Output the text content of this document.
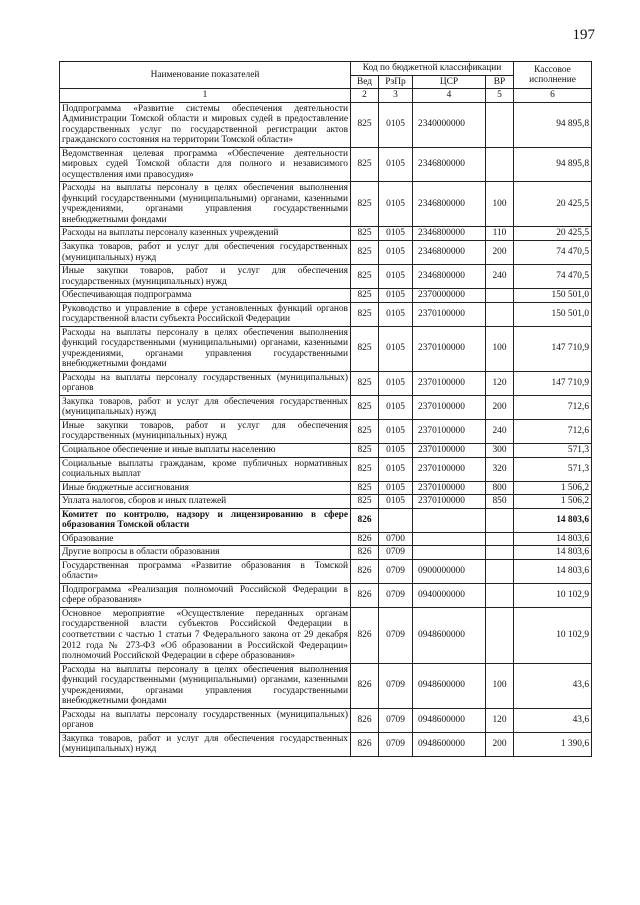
197
Наименование показателей	Код по бюджетной классификации				Кассовое исполнение
	Вед	РзПр	ЦСР	ВР	
1	2	3	4	5	6
Подпрограмма «Развитие системы обеспечения деятельности Администрации Томской области и мировых судей в предоставление государственных услуг по государственной регистрации актов гражданского состояния на территории Томской области»	825	0105	2340000000		94 895,8
Ведомственная целевая программа «Обеспечение деятельности мировых судей Томской области для полного и независимого осуществления ими правосудия»	825	0105	2346800000		94 895,8
Расходы на выплаты персоналу в целях обеспечения выполнения функций государственными (муниципальными) органами, казенными учреждениями, органами управления государственными внебюджетными фондами	825	0105	2346800000	100	20 425,5
Расходы на выплаты персоналу казенных учреждений	825	0105	2346800000	110	20 425,5
Закупка товаров, работ и услуг для обеспечения государственных (муниципальных) нужд	825	0105	2346800000	200	74 470,5
Иные закупки товаров, работ и услуг для обеспечения государственных (муниципальных) нужд	825	0105	2346800000	240	74 470,5
Обеспечивающая подпрограмма	825	0105	2370000000		150 501,0
Руководство и управление в сфере установленных функций органов государственной власти субъекта Российской Федерации	825	0105	2370100000		150 501,0
Расходы на выплаты персоналу в целях обеспечения выполнения функций государственными (муниципальными) органами, казенными учреждениями, органами управления государственными внебюджетными фондами	825	0105	2370100000	100	147 710,9
Расходы на выплаты персоналу государственных (муниципальных) органов	825	0105	2370100000	120	147 710,9
Закупка товаров, работ и услуг для обеспечения государственных (муниципальных) нужд	825	0105	2370100000	200	712,6
Иные закупки товаров, работ и услуг для обеспечения государственных (муниципальных) нужд	825	0105	2370100000	240	712,6
Социальное обеспечение и иные выплаты населению	825	0105	2370100000	300	571,3
Социальные выплаты гражданам, кроме публичных нормативных социальных выплат	825	0105	2370100000	320	571,3
Иные бюджетные ассигнования	825	0105	2370100000	800	1 506,2
Уплата налогов, сборов и иных платежей	825	0105	2370100000	850	1 506,2
Комитет по контролю, надзору и лицензированию в сфере образования Томской области	826				14 803,6
Образование	826	0700			14 803,6
Другие вопросы в области образования	826	0709			14 803,6
Государственная программа «Развитие образования в Томской области»	826	0709	0900000000		14 803,6
Подпрограмма «Реализация полномочий Российской Федерации в сфере образования»	826	0709	0940000000		10 102,9
Основное мероприятие «Осуществление переданных органам государственной власти субъектов Российской Федерации в соответствии с частью 1 статьи 7 Федерального закона от 29 декабря 2012 года № 273-ФЗ «Об образовании в Российской Федерации» полномочий Российской Федерации в сфере образования»	826	0709	0948600000		10 102,9
Расходы на выплаты персоналу в целях обеспечения выполнения функций государственными (муниципальными) органами, казенными учреждениями, органами управления государственными внебюджетными фондами	826	0709	0948600000	100	43,6
Расходы на выплаты персоналу государственных (муниципальных) органов	826	0709	0948600000	120	43,6
Закупка товаров, работ и услуг для обеспечения государственных (муниципальных) нужд	826	0709	0948600000	200	1 390,6
